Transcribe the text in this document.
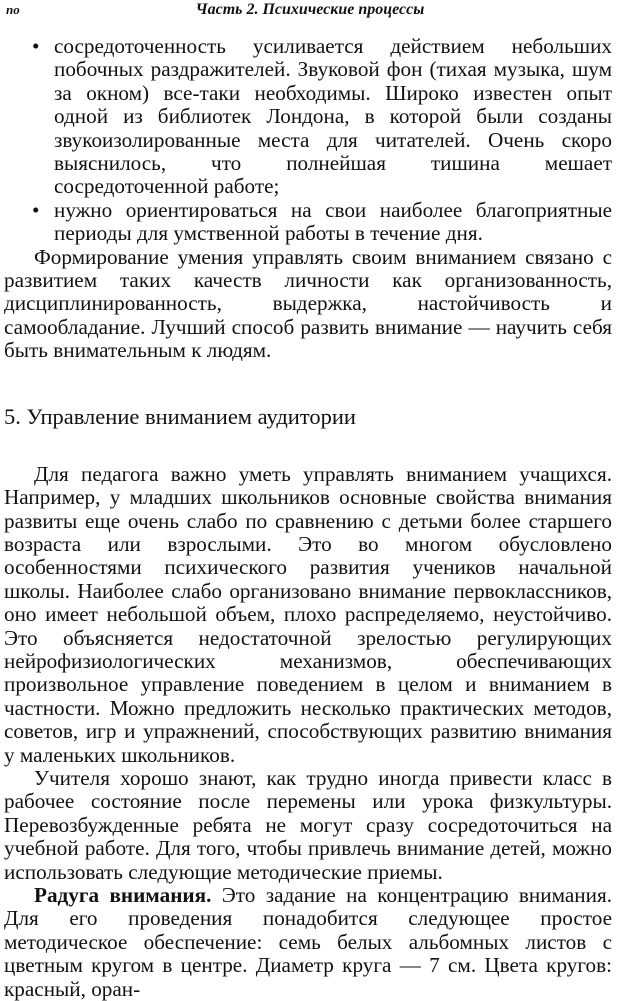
no	Часть 2. Психические процессы
• сосредоточенность усиливается действием небольших побочных раздражителей. Звуковой фон (тихая музыка, шум за окном) все-таки необходимы. Широко известен опыт одной из библиотек Лондона, в которой были созданы звукоизолированные места для читателей. Очень скоро выяснилось, что полнейшая тишина мешает сосредоточенной работе;
• нужно ориентироваться на свои наиболее благоприятные периоды для умственной работы в течение дня.

Формирование умения управлять своим вниманием связано с развитием таких качеств личности как организованность, дисциплинированность, выдержка, настойчивость и самообладание. Лучший способ развить внимание — научить себя быть внимательным к людям.

5. Управление вниманием аудитории

Для педагога важно уметь управлять вниманием учащихся. Например, у младших школьников основные свойства внимания развиты еще очень слабо по сравнению с детьми более старшего возраста или взрослыми. Это во многом обусловлено особенностями психического развития учеников начальной школы. Наиболее слабо организовано внимание первоклассников, оно имеет небольшой объем, плохо распределяемо, неустойчиво. Это объясняется недостаточной зрелостью регулирующих нейрофизиологических механизмов, обеспечивающих произвольное управление поведением в целом и вниманием в частности. Можно предложить несколько практических методов, советов, игр и упражнений, способствующих развитию внимания у маленьких школьников.

Учителя хорошо знают, как трудно иногда привести класс в рабочее состояние после перемены или урока физкультуры. Перевозбужденные ребята не могут сразу сосредоточиться на учебной работе. Для того, чтобы привлечь внимание детей, можно использовать следующие методические приемы.

Радуга внимания. Это задание на концентрацию внимания. Для его проведения понадобится следующее простое методическое обеспечение: семь белых альбомных листов с цветным кругом в центре. Диаметр круга — 7 см. Цвета кругов: красный, оран-
